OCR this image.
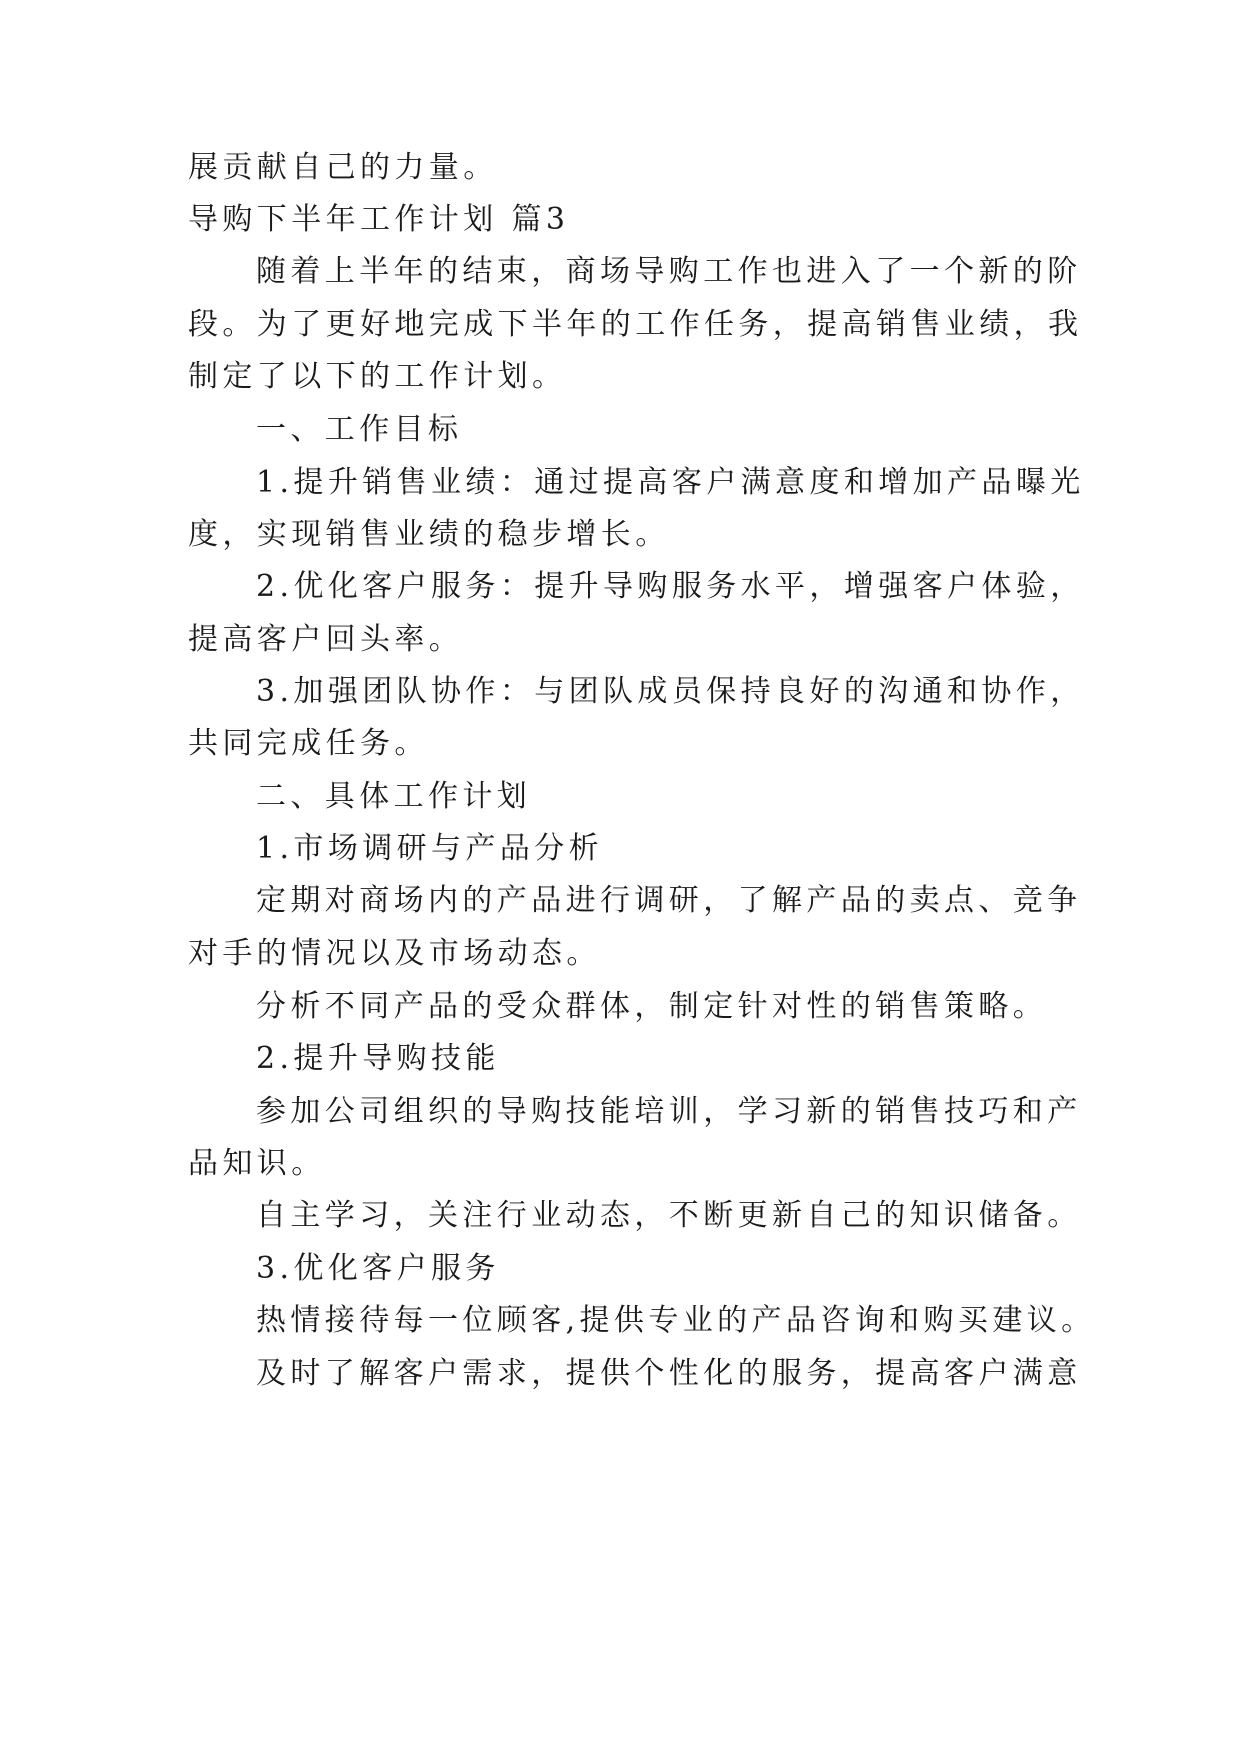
展贡献自己的力量。

导购下半年工作计划 篇3

随着上半年的结束，商场导购工作也进入了一个新的阶

段。为了更好地完成下半年的工作任务，提高销售业绩，我

制定了以下的工作计划。

一、工作目标

1.提升销售业绩：通过提高客户满意度和增加产品曝光

度，实现销售业绩的稳步增长。

2.优化客户服务：提升导购服务水平，增强客户体验，

提高客户回头率。

3.加强团队协作：与团队成员保持良好的沟通和协作，

共同完成任务。

二、具体工作计划

1.市场调研与产品分析

定期对商场内的产品进行调研，了解产品的卖点、竞争

对手的情况以及市场动态。

分析不同产品的受众群体，制定针对性的销售策略。

2.提升导购技能

参加公司组织的导购技能培训，学习新的销售技巧和产

品知识。

自主学习，关注行业动态，不断更新自己的知识储备。

3.优化客户服务

热情接待每一位顾客,提供专业的产品咨询和购买建议。

及时了解客户需求，提供个性化的服务，提高客户满意
